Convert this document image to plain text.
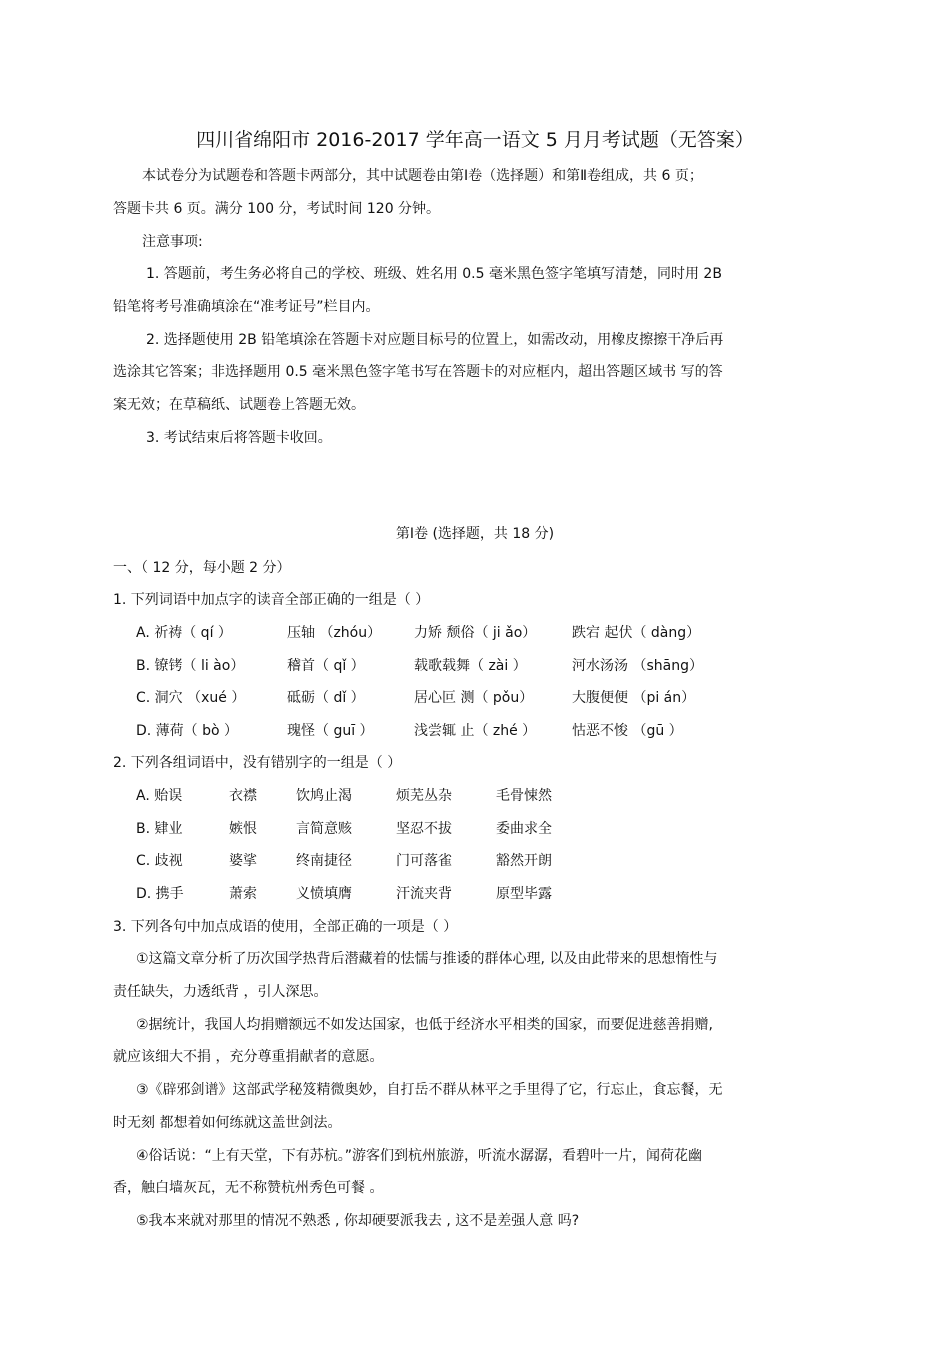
四川省绵阳市 2016-2017 学年高一语文 5 月月考试题（无答案）
本试卷分为试题卷和答题卡两部分，其中试题卷由第Ⅰ卷（选择题）和第Ⅱ卷组成，共 6 页；
答题卡共 6 页。满分 100 分，考试时间 120 分钟。
注意事项:
1. 答题前，考生务必将自己的学校、班级、姓名用 0.5 毫米黑色签字笔填写清楚，同时用 2B
铅笔将考号准确填涂在“准考证号”栏目内。
2. 选择题使用 2B 铅笔填涂在答题卡对应题目标号的位置上，如需改动，用橡皮擦擦干净后再
选涂其它答案；非选择题用 0.5 毫米黑色签字笔书写在答题卡的对应框内，超出答题区域书 写的答
案无效；在草稿纸、试题卷上答题无效。
3. 考试结束后将答题卡收回。
第Ⅰ卷 (选择题，共 18 分)
一、（ 12 分，每小题 2 分）
1. 下列词语中加点字的读音全部正确的一组是（ ）
A. 祈祷（ qí ）	压轴 （zhóu） 力矫 颓俗（ ji ǎo）	跌宕 起伏（ dàng）
B. 镣铐（ li ào）	稽首（ qǐ ）	载歌载舞（ zài ）	河水汤汤 （shāng）
C. 洞穴 （xué ）	砥砺（ dǐ ）	居心叵 测（ pǒu）	大腹便便 （pi án）
D. 薄荷（ bò ）	瑰怪（ guī ）	浅尝辄 止（ zhé ）	怙恶不悛 （gū ）
2. 下列各组词语中，没有错别字的一组是（ ）
A. 贻误	衣襟	饮鸠止渴	烦芜丛杂	毛骨悚然
B. 肄业	嫉恨	言简意赅	坚忍不拔	委曲求全
C. 歧视	婆挲	终南捷径	门可落雀	豁然开朗
D. 携手	萧索	义愤填膺	汗流夹背	原型毕露
3. 下列各句中加点成语的使用，全部正确的一项是（ ）
①这篇文章分析了历次国学热背后潜藏着的怯懦与推诿的群体心理, 以及由此带来的思想惰性与
责任缺失，力透纸背 ，引人深思。
②据统计，我国人均捐赠额远不如发达国家，也低于经济水平相类的国家，而要促进慈善捐赠,
就应该细大不捐 ，充分尊重捐献者的意愿。
③《辟邪剑谱》这部武学秘笈精微奥妙，自打岳不群从林平之手里得了它，行忘止，食忘餐，无
时无刻 都想着如何练就这盖世剑法。
④俗话说：“上有天堂，下有苏杭。”游客们到杭州旅游，听流水潺潺，看碧叶一片，闻荷花幽
香，触白墙灰瓦，无不称赞杭州秀色可餐 。
⑤我本来就对那里的情况不熟悉 , 你却硬要派我去 , 这不是差强人意 吗?
